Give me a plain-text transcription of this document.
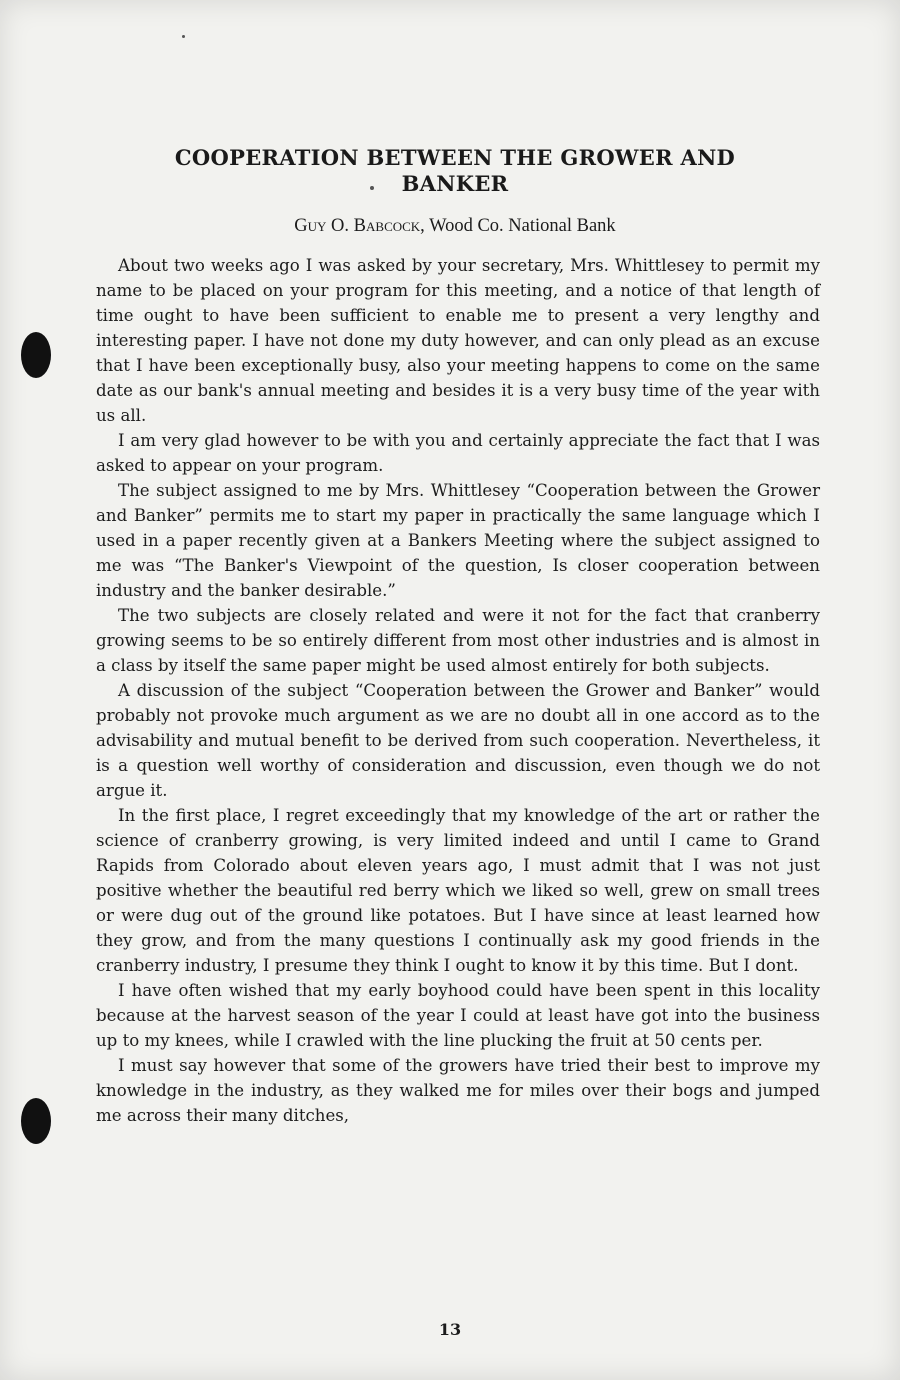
COOPERATION BETWEEN THE GROWER AND
BANKER

Guy O. Babcock, Wood Co. National Bank

About two weeks ago I was asked by your secretary, Mrs. Whittlesey to permit my name to be placed on your program for this meeting, and a notice of that length of time ought to have been sufficient to enable me to present a very lengthy and interesting paper. I have not done my duty however, and can only plead as an excuse that I have been exceptionally busy, also your meeting happens to come on the same date as our bank's annual meeting and besides it is a very busy time of the year with us all.

I am very glad however to be with you and certainly appreciate the fact that I was asked to appear on your program.

The subject assigned to me by Mrs. Whittlesey “Cooperation between the Grower and Banker” permits me to start my paper in practically the same language which I used in a paper recently given at a Bankers Meeting where the subject assigned to me was “The Banker's Viewpoint of the question, Is closer cooperation between industry and the banker desirable.”

The two subjects are closely related and were it not for the fact that cranberry growing seems to be so entirely different from most other industries and is almost in a class by itself the same paper might be used almost entirely for both subjects.

A discussion of the subject “Cooperation between the Grower and Banker” would probably not provoke much argument as we are no doubt all in one accord as to the advisability and mutual benefit to be derived from such cooperation. Nevertheless, it is a question well worthy of consideration and discussion, even though we do not argue it.

In the first place, I regret exceedingly that my knowledge of the art or rather the science of cranberry growing, is very limited indeed and until I came to Grand Rapids from Colorado about eleven years ago, I must admit that I was not just positive whether the beautiful red berry which we liked so well, grew on small trees or were dug out of the ground like potatoes. But I have since at least learned how they grow, and from the many questions I continually ask my good friends in the cranberry industry, I presume they think I ought to know it by this time. But I dont.

I have often wished that my early boyhood could have been spent in this locality because at the harvest season of the year I could at least have got into the business up to my knees, while I crawled with the line plucking the fruit at 50 cents per.

I must say however that some of the growers have tried their best to improve my knowledge in the industry, as they walked me for miles over their bogs and jumped me across their many ditches,

13
